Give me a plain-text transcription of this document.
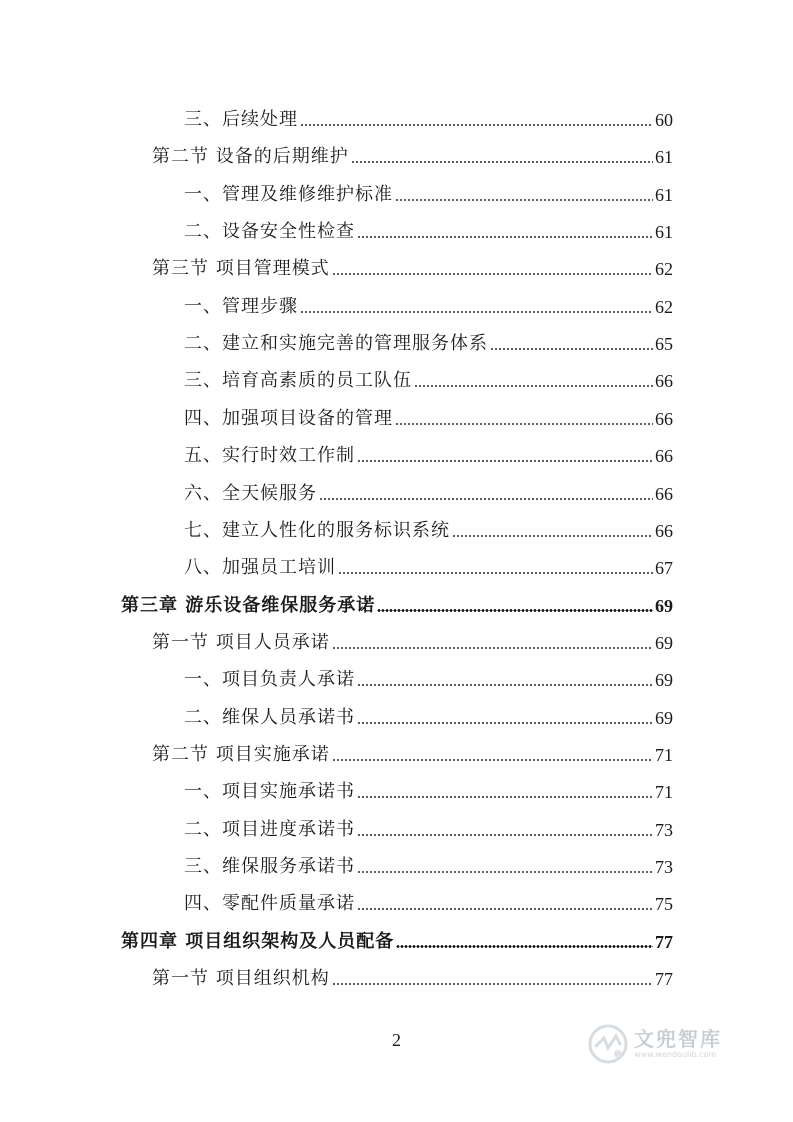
三、后续处理	60
第二节 设备的后期维护	61
一、管理及维修维护标准	61
二、设备安全性检查	61
第三节 项目管理模式	62
一、管理步骤	62
二、建立和实施完善的管理服务体系	65
三、培育高素质的员工队伍	66
四、加强项目设备的管理	66
五、实行时效工作制	66
六、全天候服务	66
七、建立人性化的服务标识系统	66
八、加强员工培训	67
第三章 游乐设备维保服务承诺	69
第一节 项目人员承诺	69
一、项目负责人承诺	69
二、维保人员承诺书	69
第二节 项目实施承诺	71
一、项目实施承诺书	71
二、项目进度承诺书	73
三、维保服务承诺书	73
四、零配件质量承诺	75
第四章 项目组织架构及人员配备	77
第一节 项目组织机构	77
2	文兜智库
www.wendoulib.com
